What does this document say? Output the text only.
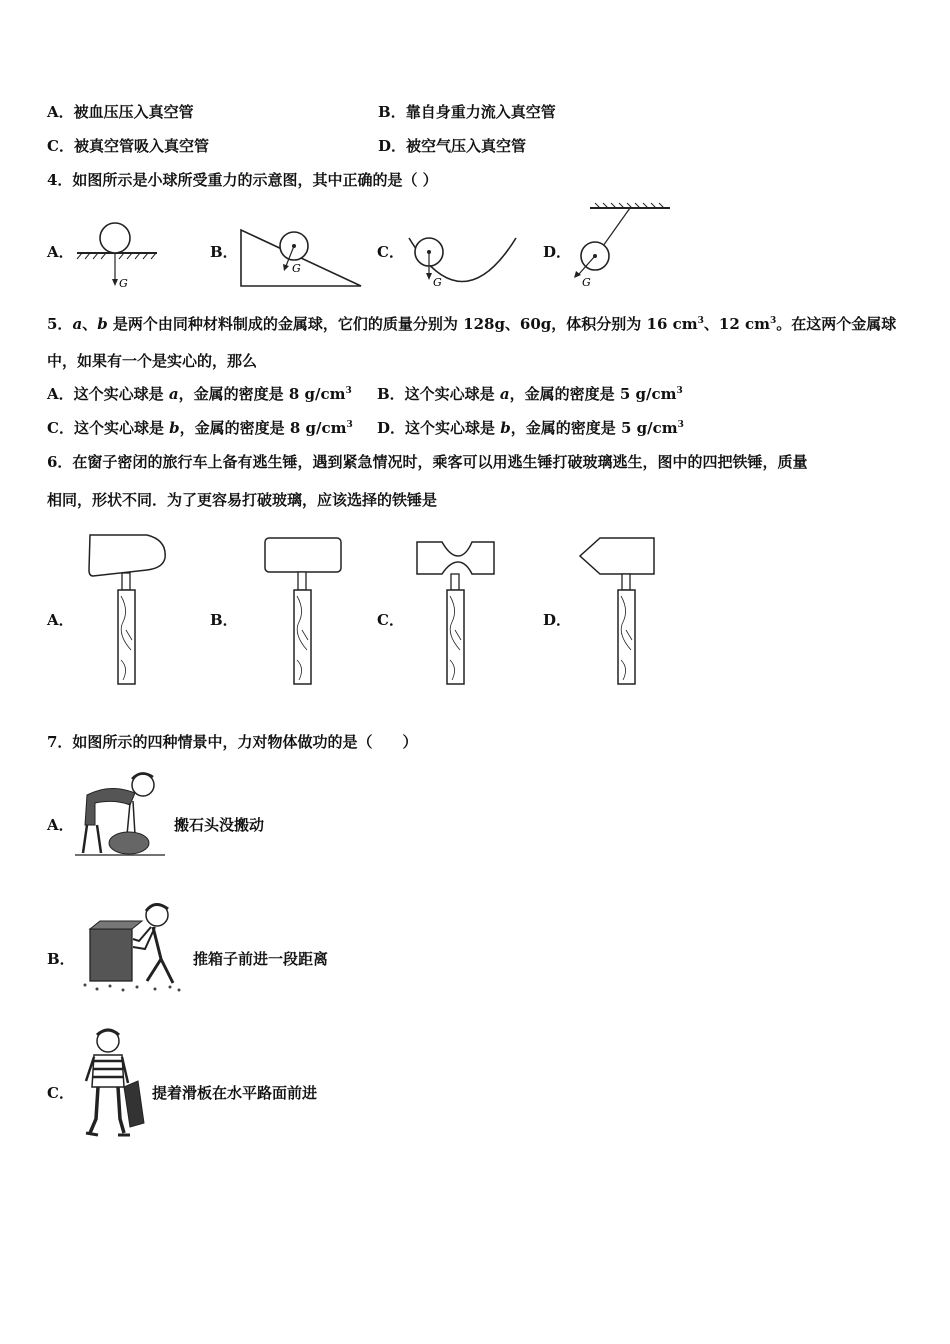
A．被血压压入真空管	B．靠自身重力流入真空管
C．被真空管吸入真空管	D．被空气压入真空管
4．如图所示是小球所受重力的示意图，其中正确的是（ ）
A．
G
B．
G
C．
G
D．
G
5．a、b 是两个由同种材料制成的金属球，它们的质量分别为 128g、60g，体积分别为 16 $cm^3$、12 $cm^3$。在这两个金属球
中，如果有一个是实心的，那么
A．这个实心球是 a，金属的密度是 8 $g/cm^3$ B．这个实心球是 a，金属的密度是 5 $g/cm^3$
C．这个实心球是 b，金属的密度是 8 $g/cm^3$ D．这个实心球是 b，金属的密度是 5 $g/cm^3$
6．在窗子密闭的旅行车上备有逃生锤，遇到紧急情况时，乘客可以用逃生锤打破玻璃逃生，图中的四把铁锤，质量
相同，形状不同．为了更容易打破玻璃，应该选择的铁锤是
A．	B．	C．	D．
7．如图所示的四种情景中，力对物体做功的是（　　）
A．	搬石头没搬动
B．	推箱子前进一段距离
C．	提着滑板在水平路面前进
